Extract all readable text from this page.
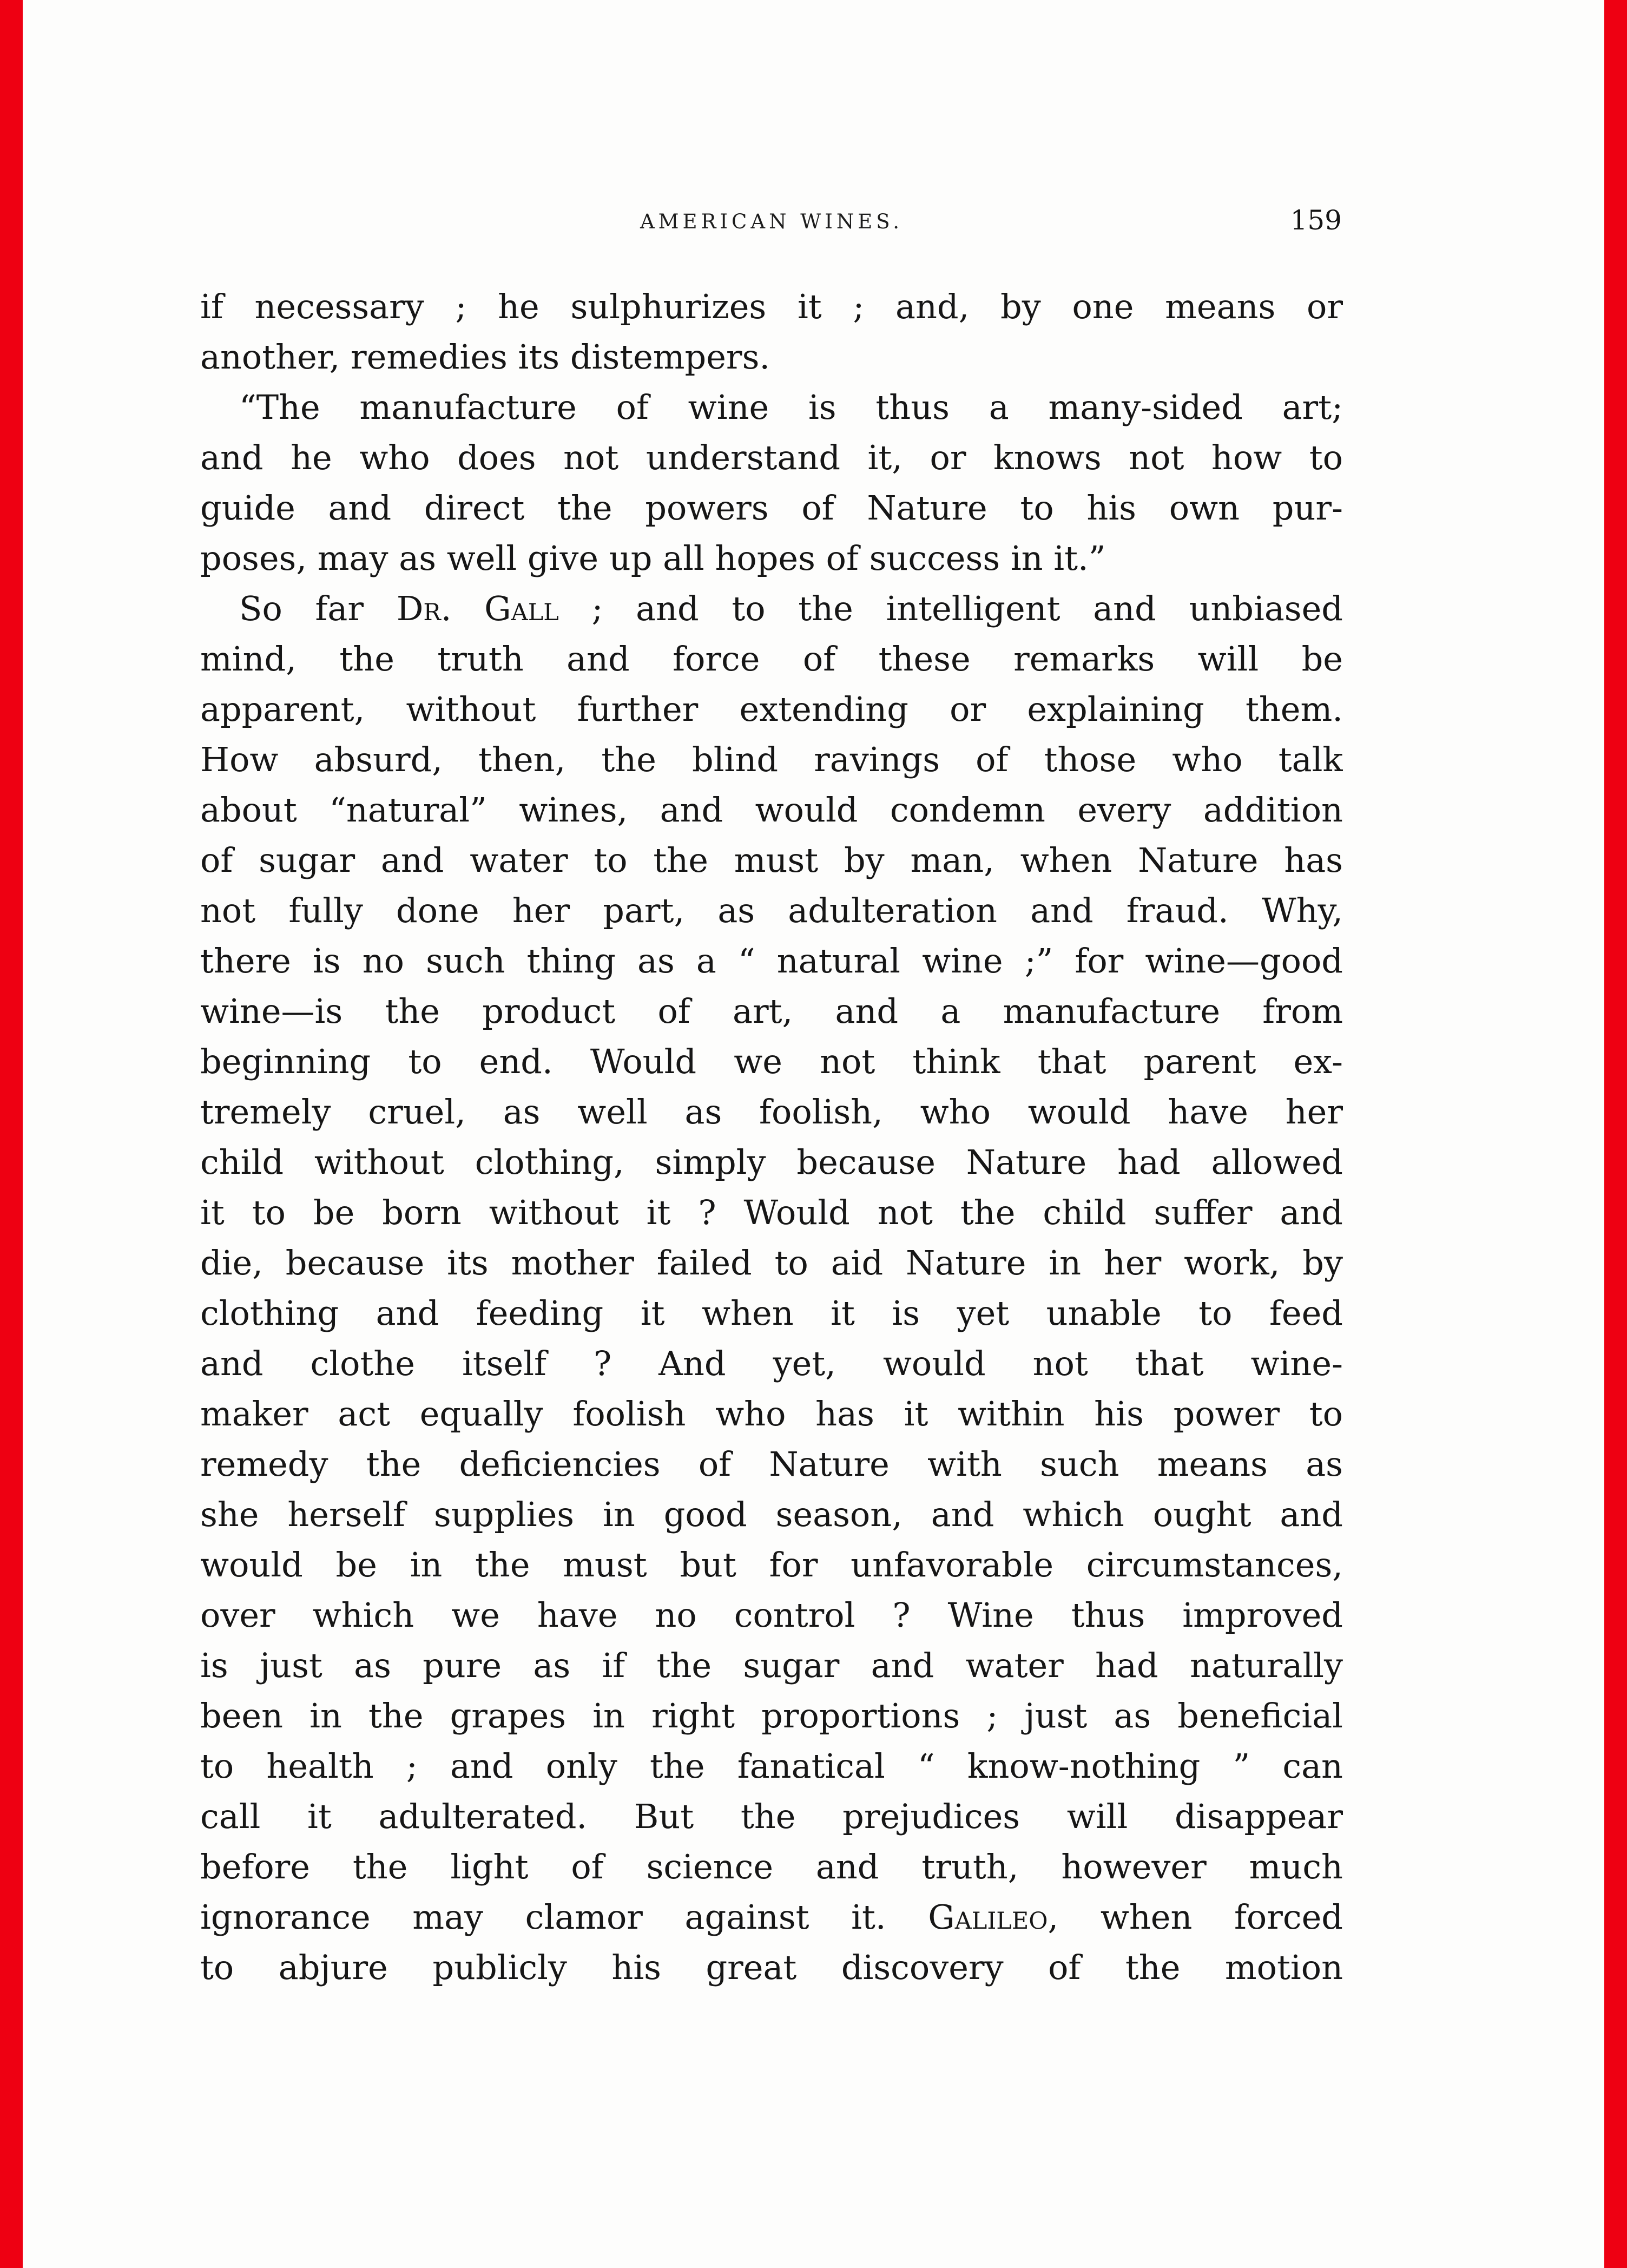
AMERICAN WINES.	159
if necessary ; he sulphurizes it ; and, by one means or
another, remedies its distempers.
“The manufacture of wine is thus a many-sided art;
and he who does not understand it, or knows not how to
guide and direct the powers of Nature to his own pur-
poses, may as well give up all hopes of success in it.”
So far Dr. Gall ; and to the intelligent and unbiased
mind, the truth and force of these remarks will be
apparent, without further extending or explaining them.
How absurd, then, the blind ravings of those who talk
about “natural” wines, and would condemn every addition
of sugar and water to the must by man, when Nature has
not fully done her part, as adulteration and fraud. Why,
there is no such thing as a “ natural wine ;” for wine—good
wine—is the product of art, and a manufacture from
beginning to end. Would we not think that parent ex-
tremely cruel, as well as foolish, who would have her
child without clothing, simply because Nature had allowed
it to be born without it ? Would not the child suffer and
die, because its mother failed to aid Nature in her work, by
clothing and feeding it when it is yet unable to feed
and clothe itself ? And yet, would not that wine-
maker act equally foolish who has it within his power to
remedy the deficiencies of Nature with such means as
she herself supplies in good season, and which ought and
would be in the must but for unfavorable circumstances,
over which we have no control ? Wine thus improved
is just as pure as if the sugar and water had naturally
been in the grapes in right proportions ; just as beneficial
to health ; and only the fanatical “ know-nothing ” can
call it adulterated. But the prejudices will disappear
before the light of science and truth, however much
ignorance may clamor against it. Galileo, when forced
to abjure publicly his great discovery of the motion
